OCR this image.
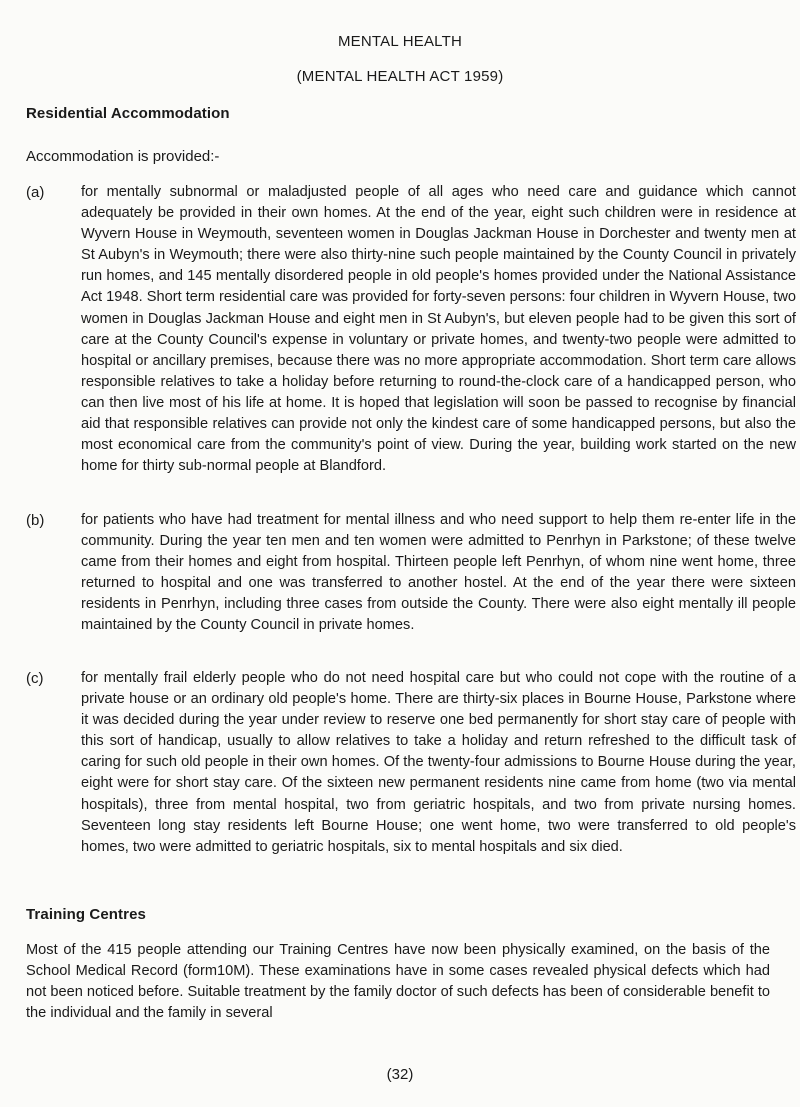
MENTAL HEALTH
(MENTAL HEALTH ACT 1959)
Residential Accommodation
Accommodation is provided:-
(a)	for mentally subnormal or maladjusted people of all ages who need care and guidance which cannot adequately be provided in their own homes. At the end of the year, eight such children were in residence at Wyvern House in Weymouth, seventeen women in Douglas Jackman House in Dorchester and twenty men at St Aubyn's in Weymouth; there were also thirty-nine such people maintained by the County Council in privately run homes, and 145 mentally disordered people in old people's homes provided under the National Assistance Act 1948. Short term residential care was provided for forty-seven persons: four children in Wyvern House, two women in Douglas Jackman House and eight men in St Aubyn's, but eleven people had to be given this sort of care at the County Council's expense in voluntary or private homes, and twenty-two people were admitted to hospital or ancillary premises, because there was no more appropriate accommodation. Short term care allows responsible relatives to take a holiday before returning to round-the-clock care of a handicapped person, who can then live most of his life at home. It is hoped that legislation will soon be passed to recognise by financial aid that responsible relatives can provide not only the kindest care of some handicapped persons, but also the most economical care from the community's point of view. During the year, building work started on the new home for thirty sub-normal people at Blandford.
(b)	for patients who have had treatment for mental illness and who need support to help them re-enter life in the community. During the year ten men and ten women were admitted to Penrhyn in Parkstone; of these twelve came from their homes and eight from hospital. Thirteen people left Penrhyn, of whom nine went home, three returned to hospital and one was transferred to another hostel. At the end of the year there were sixteen residents in Penrhyn, including three cases from outside the County. There were also eight mentally ill people maintained by the County Council in private homes.
(c)	for mentally frail elderly people who do not need hospital care but who could not cope with the routine of a private house or an ordinary old people's home. There are thirty-six places in Bourne House, Parkstone where it was decided during the year under review to reserve one bed permanently for short stay care of people with this sort of handicap, usually to allow relatives to take a holiday and return refreshed to the difficult task of caring for such old people in their own homes. Of the twenty-four admissions to Bourne House during the year, eight were for short stay care. Of the sixteen new permanent residents nine came from home (two via mental hospitals), three from mental hospital, two from geriatric hospitals, and two from private nursing homes. Seventeen long stay residents left Bourne House; one went home, two were transferred to old people's homes, two were admitted to geriatric hospitals, six to mental hospitals and six died.
Training Centres
Most of the 415 people attending our Training Centres have now been physically examined, on the basis of the School Medical Record (form10M). These examinations have in some cases revealed physical defects which had not been noticed before. Suitable treatment by the family doctor of such defects has been of considerable benefit to the individual and the family in several
(32)
